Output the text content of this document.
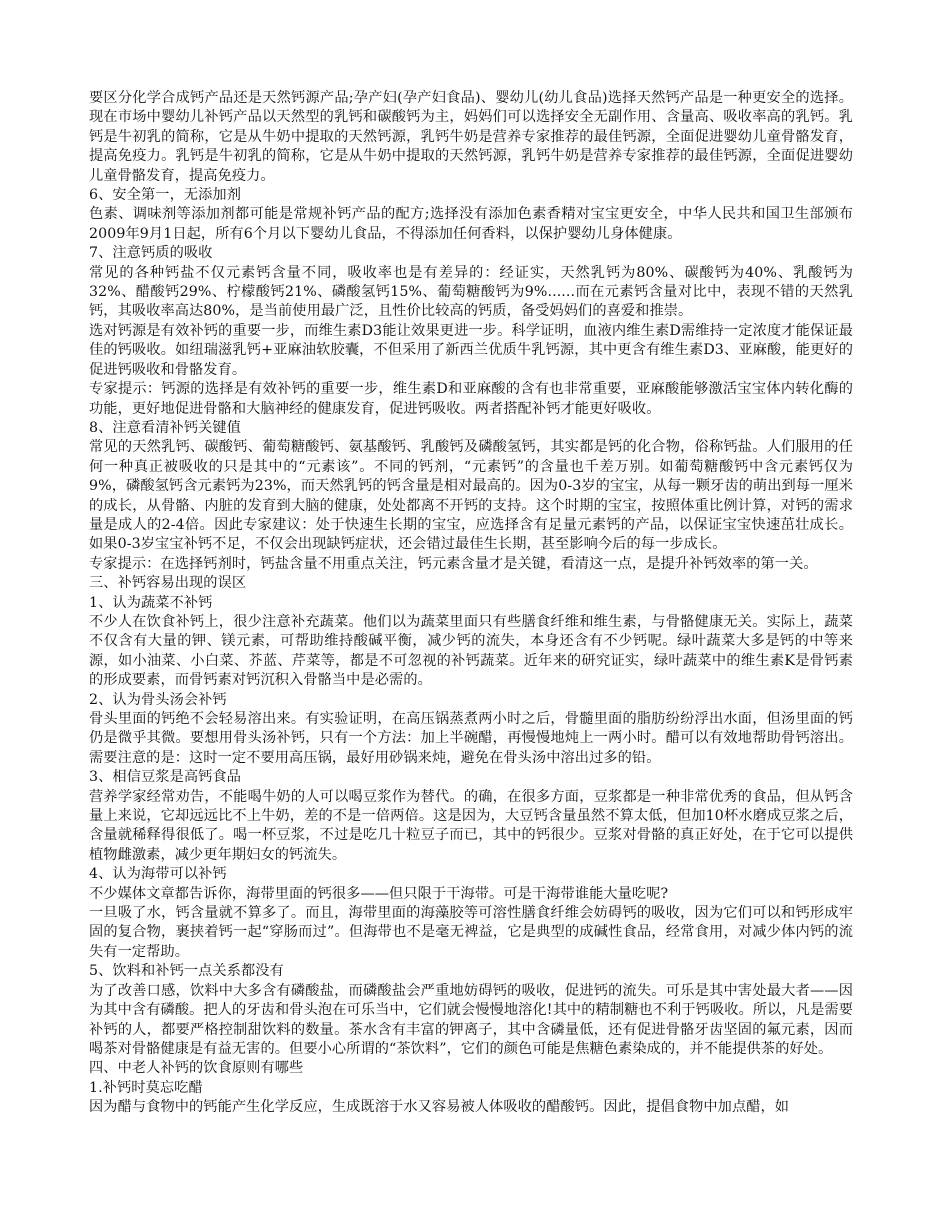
要区分化学合成钙产品还是天然钙源产品;孕产妇(孕产妇食品)、婴幼儿(幼儿食品)选择天然钙产品是一种更安全的选择。现在市场中婴幼儿补钙产品以天然型的乳钙和碳酸钙为主，妈妈们可以选择安全无副作用、含量高、吸收率高的乳钙。乳钙是牛初乳的简称，它是从牛奶中提取的天然钙源，乳钙牛奶是营养专家推荐的最佳钙源，全面促进婴幼儿童骨骼发育，提高免疫力。乳钙是牛初乳的简称，它是从牛奶中提取的天然钙源，乳钙牛奶是营养专家推荐的最佳钙源，全面促进婴幼儿童骨骼发育，提高免疫力。

6、安全第一，无添加剂

色素、调味剂等添加剂都可能是常规补钙产品的配方;选择没有添加色素香精对宝宝更安全，中华人民共和国卫生部颁布2009年9月1日起，所有6个月以下婴幼儿食品，不得添加任何香料，以保护婴幼儿身体健康。

7、注意钙质的吸收

常见的各种钙盐不仅元素钙含量不同，吸收率也是有差异的：经证实，天然乳钙为80%、碳酸钙为40%、乳酸钙为32%、醋酸钙29%、柠檬酸钙21%、磷酸氢钙15%、葡萄糖酸钙为9%......而在元素钙含量对比中，表现不错的天然乳钙，其吸收率高达80%，是当前使用最广泛，且性价比较高的钙质，备受妈妈们的喜爱和推崇。

选对钙源是有效补钙的重要一步，而维生素D3能让效果更进一步。科学证明，血液内维生素D需维持一定浓度才能保证最佳的钙吸收。如纽瑞滋乳钙+亚麻油软胶囊，不但采用了新西兰优质牛乳钙源，其中更含有维生素D3、亚麻酸，能更好的促进钙吸收和骨骼发育。

专家提示：钙源的选择是有效补钙的重要一步，维生素D和亚麻酸的含有也非常重要，亚麻酸能够激活宝宝体内转化酶的功能，更好地促进骨骼和大脑神经的健康发育，促进钙吸收。两者搭配补钙才能更好吸收。

8、注意看清补钙关键值

常见的天然乳钙、碳酸钙、葡萄糖酸钙、氨基酸钙、乳酸钙及磷酸氢钙，其实都是钙的化合物，俗称钙盐。人们服用的任何一种真正被吸收的只是其中的“元素该”。不同的钙剂，“元素钙”的含量也千差万别。如葡萄糖酸钙中含元素钙仅为9%，磷酸氢钙含元素钙为23%，而天然乳钙的钙含量是相对最高的。因为0-3岁的宝宝，从每一颗牙齿的萌出到每一厘米的成长，从骨骼、内脏的发育到大脑的健康，处处都离不开钙的支持。这个时期的宝宝，按照体重比例计算，对钙的需求量是成人的2-4倍。因此专家建议：处于快速生长期的宝宝，应选择含有足量元素钙的产品，以保证宝宝快速茁壮成长。如果0-3岁宝宝补钙不足，不仅会出现缺钙症状，还会错过最佳生长期，甚至影响今后的每一步成长。

专家提示：在选择钙剂时，钙盐含量不用重点关注，钙元素含量才是关键，看清这一点，是提升补钙效率的第一关。

三、补钙容易出现的误区

1、认为蔬菜不补钙

不少人在饮食补钙上，很少注意补充蔬菜。他们以为蔬菜里面只有些膳食纤维和维生素，与骨骼健康无关。实际上，蔬菜不仅含有大量的钾、镁元素，可帮助维持酸碱平衡，减少钙的流失，本身还含有不少钙呢。绿叶蔬菜大多是钙的中等来源，如小油菜、小白菜、芥蓝、芹菜等，都是不可忽视的补钙蔬菜。近年来的研究证实，绿叶蔬菜中的维生素K是骨钙素的形成要素，而骨钙素对钙沉积入骨骼当中是必需的。

2、认为骨头汤会补钙

骨头里面的钙绝不会轻易溶出来。有实验证明，在高压锅蒸煮两小时之后，骨髓里面的脂肪纷纷浮出水面，但汤里面的钙仍是微乎其微。要想用骨头汤补钙，只有一个方法：加上半碗醋，再慢慢地炖上一两小时。醋可以有效地帮助骨钙溶出。需要注意的是：这时一定不要用高压锅，最好用砂锅来炖，避免在骨头汤中溶出过多的铅。

3、相信豆浆是高钙食品

营养学家经常劝告，不能喝牛奶的人可以喝豆浆作为替代。的确，在很多方面，豆浆都是一种非常优秀的食品，但从钙含量上来说，它却远远比不上牛奶，差的不是一倍两倍。这是因为，大豆钙含量虽然不算太低，但加10杯水磨成豆浆之后，含量就稀释得很低了。喝一杯豆浆，不过是吃几十粒豆子而已，其中的钙很少。豆浆对骨骼的真正好处，在于它可以提供植物雌激素，减少更年期妇女的钙流失。

4、认为海带可以补钙

不少媒体文章都告诉你，海带里面的钙很多——但只限于干海带。可是干海带谁能大量吃呢?

一旦吸了水，钙含量就不算多了。而且，海带里面的海藻胶等可溶性膳食纤维会妨碍钙的吸收，因为它们可以和钙形成牢固的复合物，裹挟着钙一起“穿肠而过”。但海带也不是毫无裨益，它是典型的成碱性食品，经常食用，对减少体内钙的流失有一定帮助。

5、饮料和补钙一点关系都没有

为了改善口感，饮料中大多含有磷酸盐，而磷酸盐会严重地妨碍钙的吸收，促进钙的流失。可乐是其中害处最大者——因为其中含有磷酸。把人的牙齿和骨头泡在可乐当中，它们就会慢慢地溶化!其中的精制糖也不利于钙吸收。所以，凡是需要补钙的人，都要严格控制甜饮料的数量。茶水含有丰富的钾离子，其中含磷量低，还有促进骨骼牙齿坚固的氟元素，因而喝茶对骨骼健康是有益无害的。但要小心所谓的“茶饮料”，它们的颜色可能是焦糖色素染成的，并不能提供茶的好处。

四、中老人补钙的饮食原则有哪些

1.补钙时莫忘吃醋

因为醋与食物中的钙能产生化学反应，生成既溶于水又容易被人体吸收的醋酸钙。因此，提倡食物中加点醋，如
